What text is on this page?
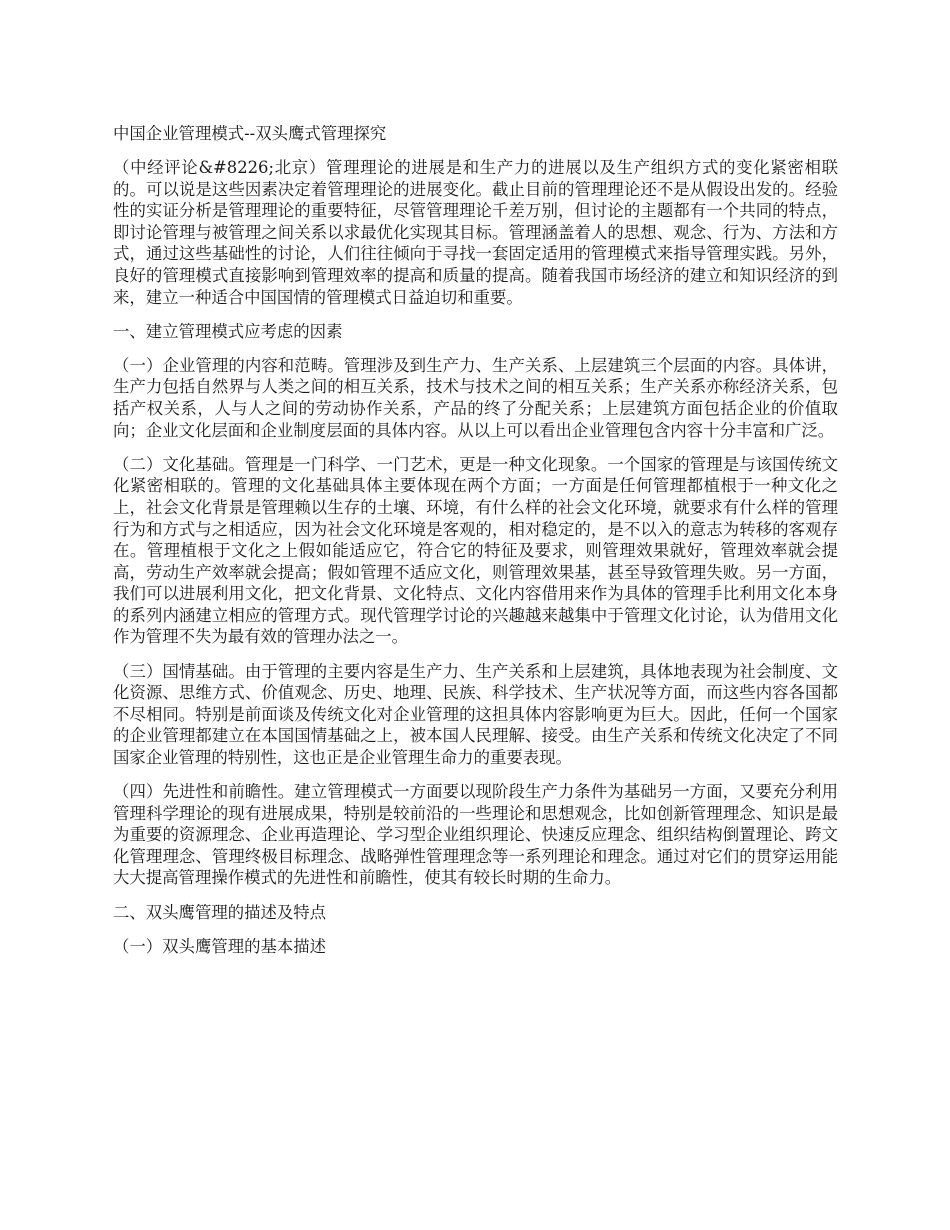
中国企业管理模式--双头鹰式管理探究

（中经评论&#8226;北京）管理理论的进展是和生产力的进展以及生产组织方式的变化紧密相联的。可以说是这些因素决定着管理理论的进展变化。截止目前的管理理论还不是从假设出发的。经验性的实证分析是管理理论的重要特征，尽管管理理论千差万别，但讨论的主题都有一个共同的特点，即讨论管理与被管理之间关系以求最优化实现其目标。管理涵盖着人的思想、观念、行为、方法和方式，通过这些基础性的讨论，人们往往倾向于寻找一套固定适用的管理模式来指导管理实践。另外，良好的管理模式直接影响到管理效率的提高和质量的提高。随着我国市场经济的建立和知识经济的到来，建立一种适合中国国情的管理模式日益迫切和重要。

一、建立管理模式应考虑的因素

（一）企业管理的内容和范畴。管理涉及到生产力、生产关系、上层建筑三个层面的内容。具体讲，生产力包括自然界与人类之间的相互关系，技术与技术之间的相互关系；生产关系亦称经济关系，包括产权关系，人与人之间的劳动协作关系，产品的终了分配关系；上层建筑方面包括企业的价值取向；企业文化层面和企业制度层面的具体内容。从以上可以看出企业管理包含内容十分丰富和广泛。

（二）文化基础。管理是一门科学、一门艺术，更是一种文化现象。一个国家的管理是与该国传统文化紧密相联的。管理的文化基础具体主要体现在两个方面；一方面是任何管理都植根于一种文化之上，社会文化背景是管理赖以生存的土壤、环境，有什么样的社会文化环境，就要求有什么样的管理行为和方式与之相适应，因为社会文化环境是客观的，相对稳定的，是不以入的意志为转移的客观存在。管理植根于文化之上假如能适应它，符合它的特征及要求，则管理效果就好，管理效率就会提高，劳动生产效率就会提高；假如管理不适应文化，则管理效果基，甚至导致管理失败。另一方面，我们可以进展利用文化，把文化背景、文化特点、文化内容借用来作为具体的管理手比利用文化本身的系列内涵建立相应的管理方式。现代管理学讨论的兴趣越来越集中于管理文化讨论，认为借用文化作为管理不失为最有效的管理办法之一。

（三）国情基础。由于管理的主要内容是生产力、生产关系和上层建筑，具体地表现为社会制度、文化资源、思维方式、价值观念、历史、地理、民族、科学技术、生产状况等方面，而这些内容各国都不尽相同。特别是前面谈及传统文化对企业管理的这担具体内容影响更为巨大。因此，任何一个国家的企业管理都建立在本国国情基础之上，被本国人民理解、接受。由生产关系和传统文化决定了不同国家企业管理的特别性，这也正是企业管理生命力的重要表现。

（四）先进性和前瞻性。建立管理模式一方面要以现阶段生产力条件为基础另一方面，又要充分利用管理科学理论的现有进展成果，特别是较前沿的一些理论和思想观念，比如创新管理理念、知识是最为重要的资源理念、企业再造理论、学习型企业组织理论、快速反应理念、组织结构倒置理论、跨文化管理理念、管理终极目标理念、战略弹性管理理念等一系列理论和理念。通过对它们的贯穿运用能大大提高管理操作模式的先进性和前瞻性，使其有较长时期的生命力。

二、双头鹰管理的描述及特点

（一）双头鹰管理的基本描述
